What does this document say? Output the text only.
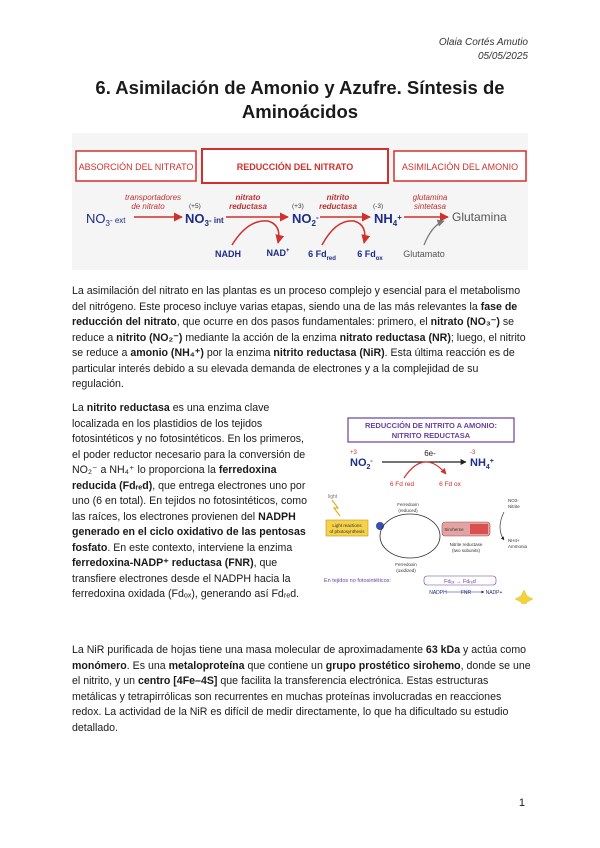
Olaia Cortés Amutio
05/05/2025
6. Asimilación de Amonio y Azufre. Síntesis de Aminoácidos
ABSORCIÓN DEL NITRATO	REDUCCIÓN DEL NITRATO	ASIMILACIÓN DEL AMONIO
transportadores
de nitrato
nitrato
reductasa
nitrito
reductasa
glutamina
sintetasa
(+5)	(+3)	(-3)
$NO_3^{- ext}$	$NO_3^{- int}$	$NO_2^-$	$NH_4^+$	Glutamina
NADH	NAD+ 6 $Fd_{red}$ 6 $Fd_{ox}$ Glutamato

La asimilación del nitrato en las plantas es un proceso complejo y esencial para el metabolismo del nitrógeno. Este proceso incluye varias etapas, siendo una de las más relevantes la fase de reducción del nitrato, que ocurre en dos pasos fundamentales: primero, el nitrato (NO₃⁻) se reduce a nitrito (NO₂⁻) mediante la acción de la enzima nitrato reductasa (NR); luego, el nitrito se reduce a amonio (NH₄⁺) por la enzima nitrito reductasa (NiR). Esta última reacción es de particular interés debido a su elevada demanda de electrones y a la complejidad de su regulación.

La nitrito reductasa es una enzima clave localizada en los plastidios de los tejidos fotosintéticos y no fotosintéticos. En los primeros, el poder reductor necesario para la conversión de NO₂⁻ a NH₄⁺ lo proporciona la ferredoxina reducida (Fdᵣₑd), que entrega electrones uno por uno (6 en total). En tejidos no fotosintéticos, como las raíces, los electrones provienen del NADPH generado en el ciclo oxidativo de las pentosas fosfato. En este contexto, interviene la enzima ferredoxina-NADP⁺ reductasa (FNR), que transfiere electrones desde el NADPH hacia la ferredoxina oxidada (Fdₒₓ), generando así Fdᵣₑd.

REDUCCIÓN DE NITRITO A AMONIO:
NITRITO REDUCTASA
6e-
+3	-3
$NO_2^-$	$NH_4^+$
6 Fd red	6 Fd ox
light
Light reactions
of photosynthesis
Ferredoxin
(reduced)
Ferredoxin
(oxidized)
Siroheme
Nitrite reductase
(two subunits)
NO2-
Nitrite
NH4+
Ammonia
En tejidos no fotosintéticos:	Fdₒₓ → Fdᵣₑd
NADPH	FNR	NADP+

La NiR purificada de hojas tiene una masa molecular de aproximadamente 63 kDa y actúa como monómero. Es una metaloproteína que contiene un grupo prostético sirohemo, donde se une el nitrito, y un centro [4Fe–4S] que facilita la transferencia electrónica. Estas estructuras metálicas y tetrapirrólicas son recurrentes en muchas proteínas involucradas en reacciones redox. La actividad de la NiR es difícil de medir directamente, lo que ha dificultado su estudio detallado.

1
